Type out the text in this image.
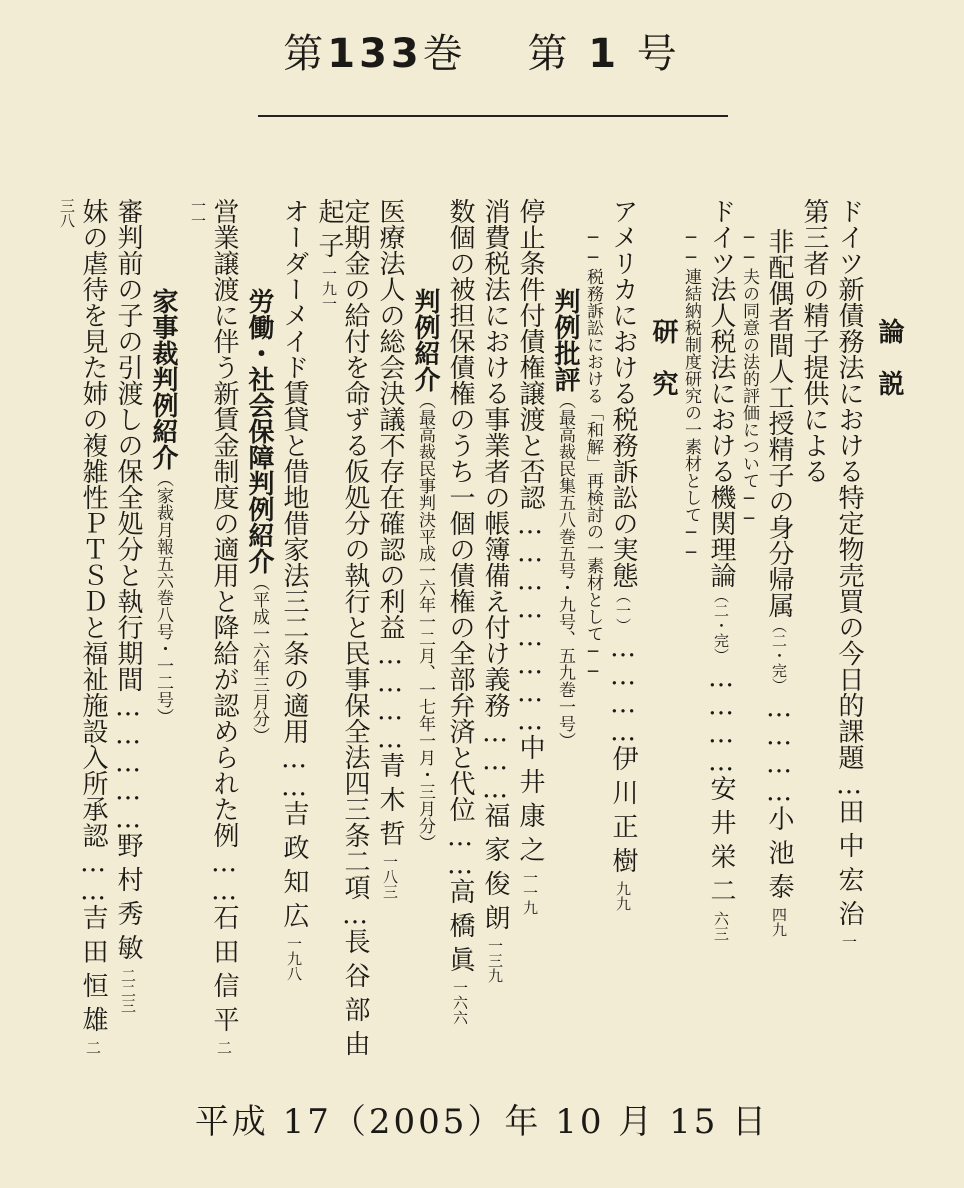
第133巻   第 1 号
論　説
ドイツ新債務法における特定物売買の今日的課題…田中宏治一
第三者の精子提供による
非配偶者間人工授精子の身分帰属（二・完）…………小池泰四九
──夫の同意の法的評価について──
ドイツ法人税法における機関理論（二・完）…………安井栄二六三
──連結納税制度研究の一素材として──
研　究
アメリカにおける税務訴訟の実態（一）…………伊川正樹九九
──税務訴訟における「和解」再検討の一素材として──
判例批評（最高裁民集五八巻五号・九号、五九巻一号）
停止条件付債権譲渡と否認……………………中井康之一一九
消費税法における事業者の帳簿備え付け義務………福家俊朗一三九
数個の被担保債権のうち一個の債権の全部弁済と代位……高橋眞一六六
判例紹介（最高裁民事判決平成一六年一二月、一七年一月・三月分）
医療法人の総会決議不存在確認の利益…………青木哲一八三
定期金の給付を命ずる仮処分の執行と民事保全法四三条二項…長谷部由起子一九一
オーダーメイド賃貸と借地借家法三二条の適用……吉政知広一九八
労働・社会保障判例紹介（平成一六年三月分）
営業譲渡に伴う新賃金制度の適用と降給が認められた例……石田信平二一一
家事裁判例紹介（家裁月報五六巻八号・一二号）
審判前の子の引渡しの保全処分と執行期間……………野村秀敏二二三
妹の虐待を見た姉の複雑性ＰＴＳＤと福祉施設入所承認……吉田恒雄二三八
平成 17（2005）年 10 月 15 日
